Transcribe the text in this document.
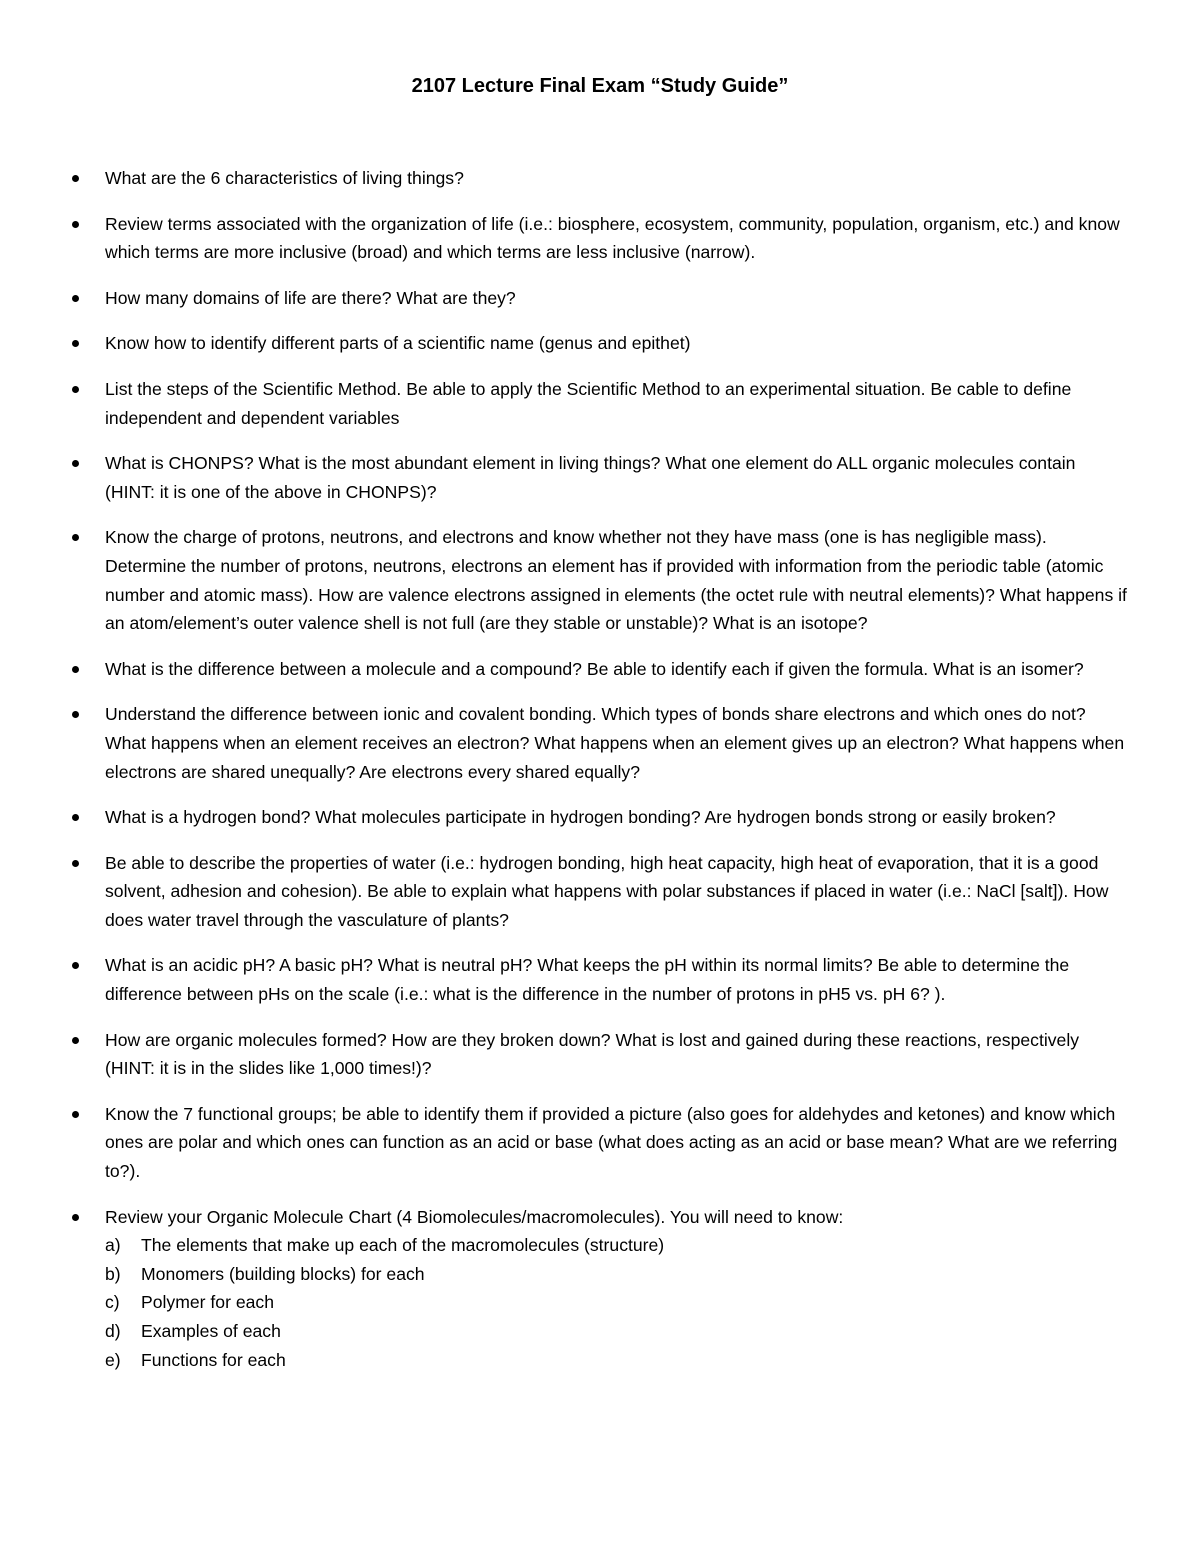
2107 Lecture Final Exam “Study Guide”
What are the 6 characteristics of living things?
Review terms associated with the organization of life (i.e.: biosphere, ecosystem, community, population, organism, etc.) and know which terms are more inclusive (broad) and which terms are less inclusive (narrow).
How many domains of life are there? What are they?
Know how to identify different parts of a scientific name (genus and epithet)
List the steps of the Scientific Method. Be able to apply the Scientific Method to an experimental situation. Be cable to define independent and dependent variables
What is CHONPS? What is the most abundant element in living things? What one element do ALL organic molecules contain (HINT: it is one of the above in CHONPS)?
Know the charge of protons, neutrons, and electrons and know whether not they have mass (one is has negligible mass). Determine the number of protons, neutrons, electrons an element has if provided with information from the periodic table (atomic number and atomic mass). How are valence electrons assigned in elements (the octet rule with neutral elements)? What happens if an atom/element’s outer valence shell is not full (are they stable or unstable)? What is an isotope?
What is the difference between a molecule and a compound? Be able to identify each if given the formula. What is an isomer?
Understand the difference between ionic and covalent bonding. Which types of bonds share electrons and which ones do not? What happens when an element receives an electron? What happens when an element gives up an electron? What happens when electrons are shared unequally? Are electrons every shared equally?
What is a hydrogen bond? What molecules participate in hydrogen bonding? Are hydrogen bonds strong or easily broken?
Be able to describe the properties of water (i.e.: hydrogen bonding, high heat capacity, high heat of evaporation, that it is a good solvent, adhesion and cohesion). Be able to explain what happens with polar substances if placed in water (i.e.: NaCl [salt]). How does water travel through the vasculature of plants?
What is an acidic pH? A basic pH? What is neutral pH? What keeps the pH within its normal limits? Be able to determine the difference between pHs on the scale (i.e.: what is the difference in the number of protons in pH5 vs. pH 6? ).
How are organic molecules formed? How are they broken down? What is lost and gained during these reactions, respectively (HINT: it is in the slides like 1,000 times!)?
Know the 7 functional groups; be able to identify them if provided a picture (also goes for aldehydes and ketones) and know which ones are polar and which ones can function as an acid or base (what does acting as an acid or base mean? What are we referring to?).
Review your Organic Molecule Chart (4 Biomolecules/macromolecules). You will need to know:
a) The elements that make up each of the macromolecules (structure)
b) Monomers (building blocks) for each
c) Polymer for each
d) Examples of each
e) Functions for each
